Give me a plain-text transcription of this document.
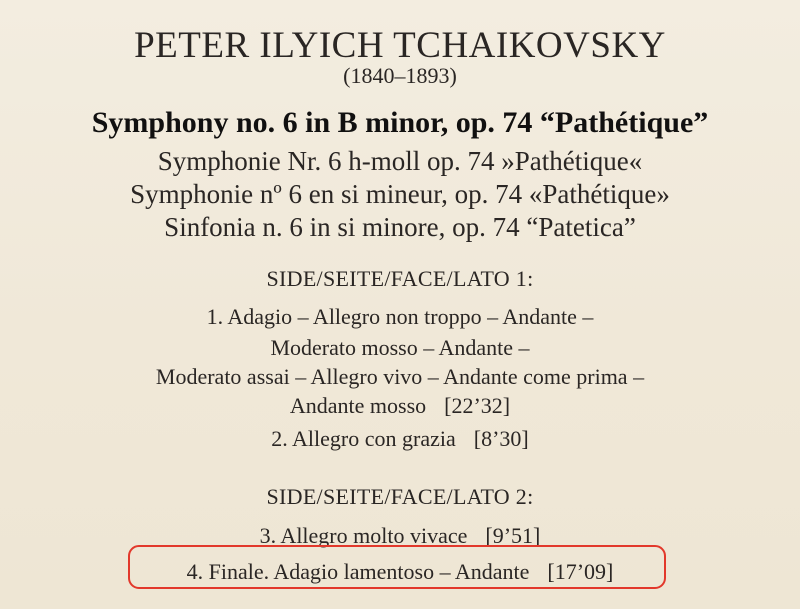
PETER ILYICH TCHAIKOVSKY
(1840–1893)
Symphony no. 6 in B minor, op. 74 “Pathétique”
Symphonie Nr. 6 h-moll op. 74 »Pathétique«
Symphonie nº 6 en si mineur, op. 74 «Pathétique»
Sinfonia n. 6 in si minore, op. 74 “Patetica”
SIDE/SEITE/FACE/LATO 1:
1. Adagio – Allegro non troppo – Andante –
Moderato mosso – Andante –
Moderato assai – Allegro vivo – Andante come prima –
Andante mosso [22’32]
2. Allegro con grazia [8’30]
SIDE/SEITE/FACE/LATO 2:
3. Allegro molto vivace [9’51]
4. Finale. Adagio lamentoso – Andante [17’09]
